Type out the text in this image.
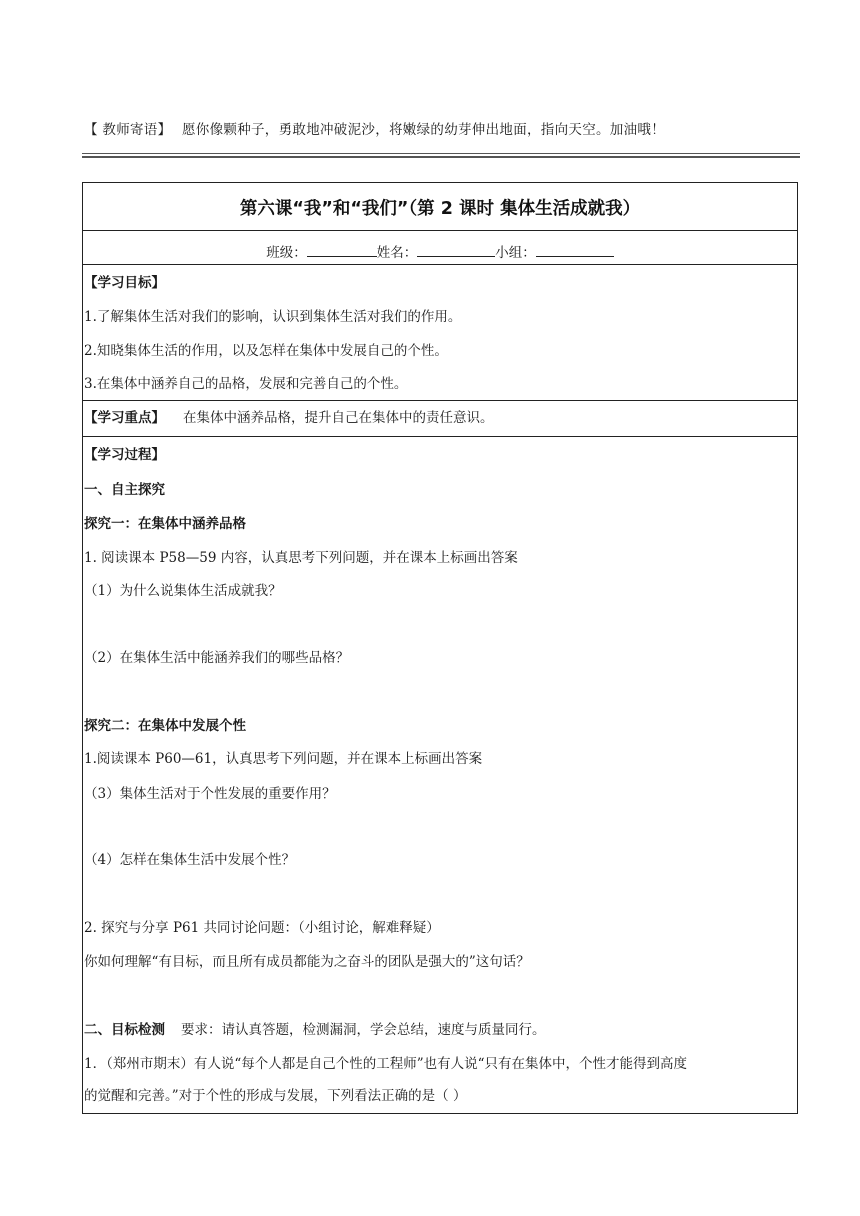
【 教师寄语】 愿你像颗种子，勇敢地冲破泥沙，将嫩绿的幼芽伸出地面，指向天空。加油哦！
第六课“我”和“我们”（第 2 课时 集体生活成就我）
班级：	姓名：	小组：
【学习目标】
1.了解集体生活对我们的影响，认识到集体生活对我们的作用。
2.知晓集体生活的作用，以及怎样在集体中发展自己的个性。
3.在集体中涵养自己的品格，发展和完善自己的个性。
【学习重点】 在集体中涵养品格，提升自己在集体中的责任意识。
【学习过程】
一、自主探究
探究一：在集体中涵养品格
1. 阅读课本 P58—59 内容，认真思考下列问题，并在课本上标画出答案
（1）为什么说集体生活成就我？
（2）在集体生活中能涵养我们的哪些品格？
探究二：在集体中发展个性
1.阅读课本 P60—61，认真思考下列问题，并在课本上标画出答案
（3）集体生活对于个性发展的重要作用？
（4）怎样在集体生活中发展个性？
2. 探究与分享 P61 共同讨论问题：（小组讨论，解难释疑）
你如何理解“有目标，而且所有成员都能为之奋斗的团队是强大的”这句话？
二、目标检测 要求：请认真答题，检测漏洞，学会总结，速度与质量同行。
1．（郑州市期末）有人说“每个人都是自己个性的工程师”也有人说“只有在集体中，个性才能得到高度
的觉醒和完善。”对于个性的形成与发展，下列看法正确的是（ ）
